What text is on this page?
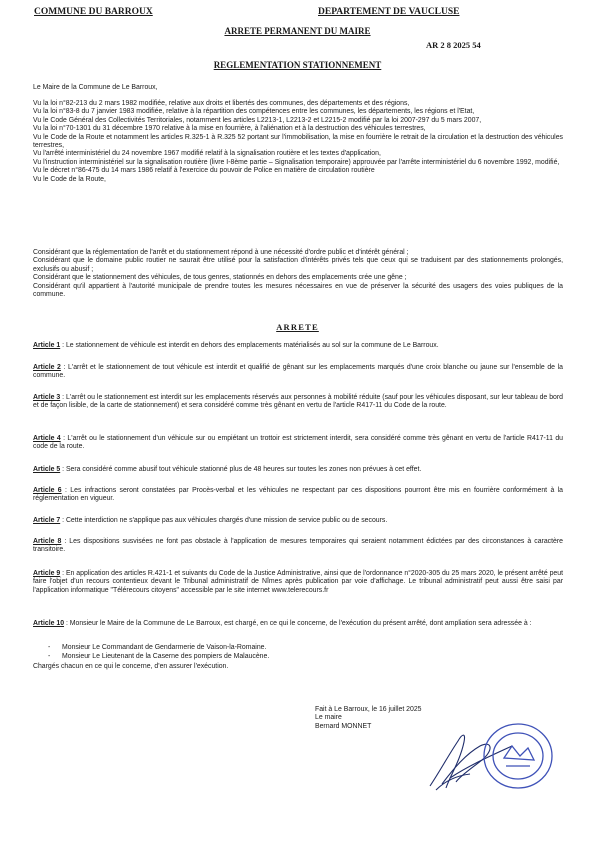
COMMUNE DU BARROUX	DEPARTEMENT DE VAUCLUSE
ARRETE PERMANENT DU MAIRE
AR 2 8 2025 54
REGLEMENTATION STATIONNEMENT

Le Maire de la Commune de Le Barroux,

Vu la loi n°82-213 du 2 mars 1982 modifiée, relative aux droits et libertés des communes, des départements et des régions,

Vu la loi n°83-8 du 7 janvier 1983 modifiée, relative à la répartition des compétences entre les communes, les départements, les régions et l'Etat,

Vu le Code Général des Collectivités Territoriales, notamment les articles L2213-1, L2213-2 et L2215-2 modifié par la loi 2007-297 du 5 mars 2007,

Vu la loi n°70-1301 du 31 décembre 1970 relative à la mise en fourrière, à l'aliénation et à la destruction des véhicules terrestres,

Vu le Code de la Route et notamment les articles R.325-1 à R.325 52 portant sur l'immobilisation, la mise en fourrière le retrait de la circulation et la destruction des véhicules terrestres,

Vu l'arrêté interministériel du 24 novembre 1967 modifié relatif à la signalisation routière et les textes d'application,

Vu l'instruction interministériel sur la signalisation routière (livre I-8ème partie – Signalisation temporaire) approuvée par l'arrête interministériel du 6 novembre 1992, modifié,

Vu le décret n°86-475 du 14 mars 1986 relatif à l'exercice du pouvoir de Police en matière de circulation routière

Vu le Code de la Route,

Considérant que la réglementation de l'arrêt et du stationnement répond à une nécessité d'ordre public et d'intérêt général ;

Considérant que le domaine public routier ne saurait être utilisé pour la satisfaction d'intérêts privés tels que ceux qui se traduisent par des stationnements prolongés, exclusifs ou abusif ;

Considérant que le stationnement des véhicules, de tous genres, stationnés en dehors des emplacements crée une gêne ;

Considérant qu'il appartient à l'autorité municipale de prendre toutes les mesures nécessaires en vue de préserver la sécurité des usagers des voies publiques de la commune.

ARRETE
Article 1 : Le stationnement de véhicule est interdit en dehors des emplacements matérialisés au sol sur la commune de Le Barroux.
Article 2 : L'arrêt et le stationnement de tout véhicule est interdit et qualifié de gênant sur les emplacements marqués d'une croix blanche ou jaune sur l'ensemble de la commune.
Article 3 : L'arrêt ou le stationnement est interdit sur les emplacements réservés aux personnes à mobilité réduite (sauf pour les véhicules disposant, sur leur tableau de bord et de façon lisible, de la carte de stationnement) et sera considéré comme très gênant en vertu de l'article R417-11 du Code de la route.
Article 4 : L'arrêt ou le stationnement d'un véhicule sur ou empiétant un trottoir est strictement interdit, sera considéré comme très gênant en vertu de l'article R417-11 du code de la route.
Article 5 : Sera considéré comme abusif tout véhicule stationné plus de 48 heures sur toutes les zones non prévues à cet effet.
Article 6 : Les infractions seront constatées par Procès-verbal et les véhicules ne respectant par ces dispositions pourront être mis en fourrière conformément à la réglementation en vigueur.
Article 7 : Cette interdiction ne s'applique pas aux véhicules chargés d'une mission de service public ou de secours.
Article 8 : Les dispositions susvisées ne font pas obstacle à l'application de mesures temporaires qui seraient notamment édictées par des circonstances à caractère transitoire.
Article 9 : En application des articles R.421-1 et suivants du Code de la Justice Administrative, ainsi que de l'ordonnance n°2020-305 du 25 mars 2020, le présent arrêté peut faire l'objet d'un recours contentieux devant le Tribunal administratif de Nîmes après publication par voie d'affichage. Le tribunal administratif peut aussi être saisi par l'application informatique "Télérecours citoyens" accessible par le site internet www.telerecours.fr
Article 10 : Monsieur le Maire de la Commune de Le Barroux, est chargé, en ce qui le concerne, de l'exécution du présent arrêté, dont ampliation sera adressée à :
- Monsieur Le Commandant de Gendarmerie de Vaison-la-Romaine.
- Monsieur Le Lieutenant de la Caserne des pompiers de Malaucène.
Chargés chacun en ce qui le concerne, d'en assurer l'exécution.
Fait à Le Barroux, le 16 juillet 2025
Le maire
Bernard MONNET
